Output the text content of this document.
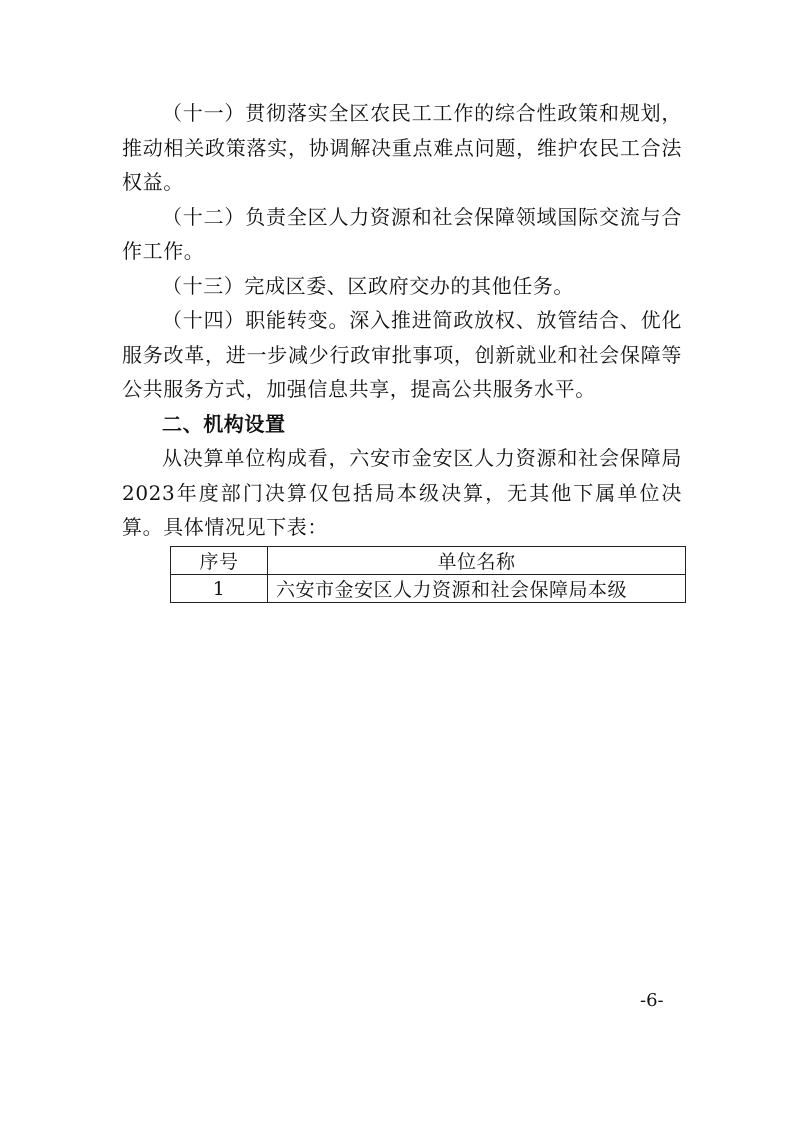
（十一）贯彻落实全区农民工工作的综合性政策和规划，推动相关政策落实，协调解决重点难点问题，维护农民工合法权益。

（十二）负责全区人力资源和社会保障领域国际交流与合作工作。

（十三）完成区委、区政府交办的其他任务。

（十四）职能转变。深入推进简政放权、放管结合、优化服务改革，进一步减少行政审批事项，创新就业和社会保障等公共服务方式，加强信息共享，提高公共服务水平。

二、机构设置

从决算单位构成看，六安市金安区人力资源和社会保障局2023年度部门决算仅包括局本级决算，无其他下属单位决算。具体情况见下表：

序号	单位名称
1	六安市金安区人力资源和社会保障局本级
-6-
